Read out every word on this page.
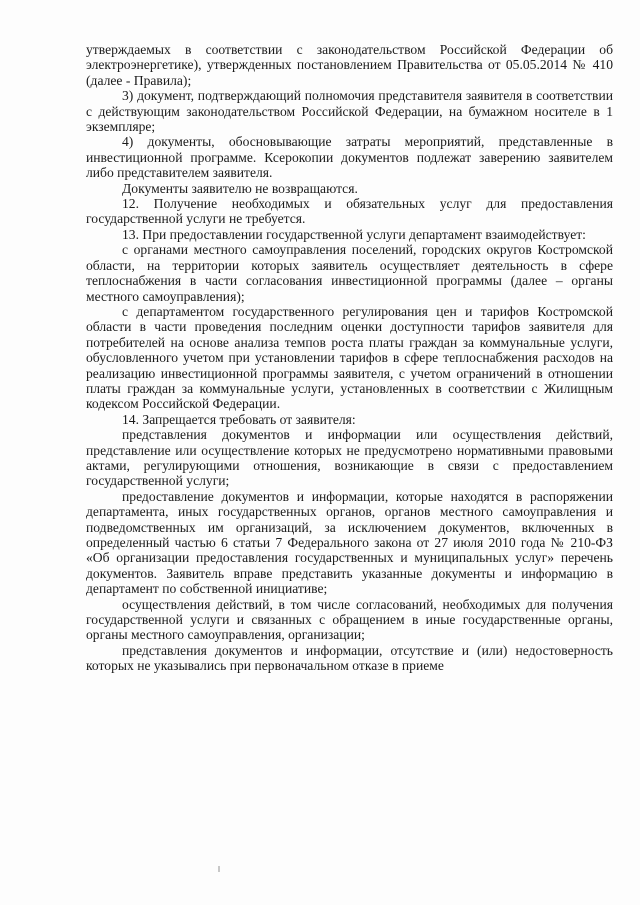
утверждаемых в соответствии с законодательством Российской Федерации об электроэнергетике), утвержденных постановлением Правительства от 05.05.2014 № 410 (далее - Правила);

3) документ, подтверждающий полномочия представителя заявителя в соответствии с действующим законодательством Российской Федерации, на бумажном носителе в 1 экземпляре;

4) документы, обосновывающие затраты мероприятий, представленные в инвестиционной программе. Ксерокопии документов подлежат заверению заявителем либо представителем заявителя.

Документы заявителю не возвращаются.

12. Получение необходимых и обязательных услуг для предоставления государственной услуги не требуется.

13. При предоставлении государственной услуги департамент взаимодействует:

с органами местного самоуправления поселений, городских округов Костромской области, на территории которых заявитель осуществляет деятельность в сфере теплоснабжения в части согласования инвестиционной программы (далее – органы местного самоуправления);

с департаментом государственного регулирования цен и тарифов Костромской области в части проведения последним оценки доступности тарифов заявителя для потребителей на основе анализа темпов роста платы граждан за коммунальные услуги, обусловленного учетом при установлении тарифов в сфере теплоснабжения расходов на реализацию инвестиционной программы заявителя, с учетом ограничений в отношении платы граждан за коммунальные услуги, установленных в соответствии с Жилищным кодексом Российской Федерации.

14. Запрещается требовать от заявителя:

представления документов и информации или осуществления действий, представление или осуществление которых не предусмотрено нормативными правовыми актами, регулирующими отношения, возникающие в связи с предоставлением государственной услуги;

предоставление документов и информации, которые находятся в распоряжении департамента, иных государственных органов, органов местного самоуправления и подведомственных им организаций, за исключением документов, включенных в определенный частью 6 статьи 7 Федерального закона от 27 июля 2010 года № 210-ФЗ «Об организации предоставления государственных и муниципальных услуг» перечень документов. Заявитель вправе представить указанные документы и информацию в департамент по собственной инициативе;

осуществления действий, в том числе согласований, необходимых для получения государственной услуги и связанных с обращением в иные государственные органы, органы местного самоуправления, организации;

представления документов и информации, отсутствие и (или) недостоверность которых не указывались при первоначальном отказе в приеме
